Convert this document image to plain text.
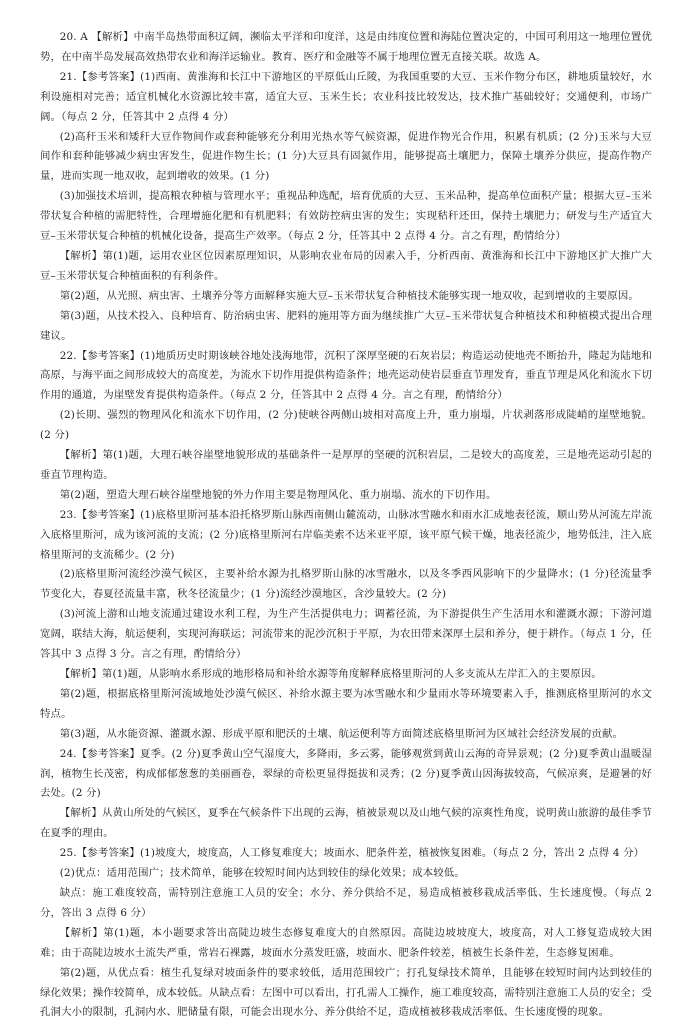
20. A 【解析】中南半岛热带面积辽阔，濒临太平洋和印度洋，这是由纬度位置和海陆位置决定的，中国可利用这一地理位置优势，在中南半岛发展高效热带农业和海洋运输业。教育、医疗和金融等不属于地理位置无直接关联。故选 A。

21.【参考答案】(1)西南、黄淮海和长江中下游地区的平原低山丘陵，为我国重要的大豆、玉米作物分布区，耕地质量较好，水利设施相对完善；适宜机械化水资源比较丰富，适宜大豆、玉米生长；农业科技比较发达，技术推广基础较好；交通便利，市场广阔。（每点 2 分，任答其中 2 点得 4 分）

(2)高秆玉米和矮秆大豆作物间作或套种能够充分利用光热水等气候资源，促进作物光合作用，积累有机质；(2 分)玉米与大豆间作和套种能够减少病虫害发生，促进作物生长；(1 分)大豆具有固氮作用，能够提高土壤肥力，保障土壤养分供应，提高作物产量，进而实现一地双收，起到增收的效果。(1 分)

(3)加强技术培训，提高粮农种植与管理水平；重视品种选配，培育优质的大豆、玉米品种，提高单位面积产量；根据大豆–玉米带状复合种植的需肥特性，合理增施化肥和有机肥料；有效防控病虫害的发生；实现秸秆还田，保持土壤肥力；研发与生产适宜大豆–玉米带状复合种植的机械化设备，提高生产效率。（每点 2 分，任答其中 2 点得 4 分。言之有理，酌情给分）

【解析】第(1)题，运用农业区位因素原理知识，从影响农业布局的因素入手，分析西南、黄淮海和长江中下游地区扩大推广大豆–玉米带状复合种植面积的有利条件。

第(2)题，从光照、病虫害、土壤养分等方面解释实施大豆–玉米带状复合种植技术能够实现一地双收，起到增收的主要原因。

第(3)题，从技术投入、良种培育、防治病虫害、肥料的施用等方面为继续推广大豆–玉米带状复合种植技术和种植模式提出合理建议。

22.【参考答案】(1)地质历史时期该峡谷地处浅海地带，沉积了深厚坚硬的石灰岩层；构造运动使地壳不断抬升，隆起为陆地和高原，与海平面之间形成较大的高度差，为流水下切作用提供构造条件；地壳运动使岩层垂直节理发育，垂直节理是风化和流水下切作用的通道，为崖壁发育提供构造条件。（每点 2 分，任答其中 2 点得 4 分。言之有理，酌情给分）

(2)长期、强烈的物理风化和流水下切作用，(2 分)使峡谷两侧山坡相对高度上升，重力崩塌，片状剥落形成陡峭的崖壁地貌。(2 分)

【解析】第(1)题，大理石峡谷崖壁地貌形成的基础条件一是厚厚的坚硬的沉积岩层，二是较大的高度差，三是地壳运动引起的垂直节理构造。

第(2)题，塑造大理石峡谷崖壁地貌的外力作用主要是物理风化、重力崩塌、流水的下切作用。

23.【参考答案】(1)底格里斯河基本沿托格罗斯山脉西南侧山麓流动，山脉冰雪融水和雨水汇成地表径流，顺山势从河流左岸流入底格里斯河，成为该河流的支流；(2 分)底格里斯河右岸临美索不达米亚平原，该平原气候干燥，地表径流少，地势低洼，注入底格里斯河的支流稀少。(2 分)

(2)底格里斯河流经沙漠气候区，主要补给水源为扎格罗斯山脉的冰雪融水，以及冬季西风影响下的少量降水；(1 分)径流量季节变化大，春夏径流量丰富，秋冬径流量少；(1 分)流经沙漠地区，含沙量较大。(2 分)

(3)河流上游和山地支流通过建设水利工程，为生产生活提供电力；调蓄径流，为下游提供生产生活用水和灌溉水源；下游河道宽阔，联结大海，航运便利，实现河海联运；河流带来的泥沙沉积于平原，为农田带来深厚土层和养分，便于耕作。（每点 1 分，任答其中 3 点得 3 分。言之有理，酌情给分）

【解析】第(1)题，从影响水系形成的地形格局和补给水源等角度解释底格里斯河的人多支流从左岸汇入的主要原因。

第(2)题，根据底格里斯河流域地处沙漠气候区、补给水源主要为冰雪融水和少量雨水等环境要素入手，推测底格里斯河的水文特点。

第(3)题，从水能资源、灌溉水源、形成平原和肥沃的土壤、航运便利等方面简述底格里斯河为区域社会经济发展的贡献。

24.【参考答案】夏季。(2 分)夏季黄山空气湿度大，多降雨，多云雾，能够观赏到黄山云海的奇异景观；(2 分)夏季黄山温暖湿润，植物生长茂密，构成郁郁葱葱的美丽画卷，翠绿的奇松更显得挺拔和灵秀；(2 分)夏季黄山因海拔较高，气候凉爽，是避暑的好去处。(2 分)

【解析】从黄山所处的气候区，夏季在气候条件下出现的云海，植被景观以及山地气候的凉爽性角度，说明黄山旅游的最佳季节在夏季的理由。

25.【参考答案】(1)坡度大，坡度高，人工修复难度大；坡面水、肥条件差，植被恢复困难。（每点 2 分，答出 2 点得 4 分）

(2)优点：适用范围广；技术简单，能够在较短时间内达到较佳的绿化效果；成本较低。

缺点：施工难度较高，需特别注意施工人员的安全；水分、养分供给不足，易造成植被移栽成活率低、生长速度慢。（每点 2 分，答出 3 点得 6 分）

【解析】第(1)题，本小题要求答出高陡边坡生态修复难度大的自然原因。高陡边坡坡度大，坡度高，对人工修复造成较大困难；由于高陡边坡水土流失严重，常岩石裸露，坡面水分蒸发旺盛，坡面水、肥条件较差，植被生长条件差，生态修复困难。

第(2)题，从优点看：植生孔复绿对坡面条件的要求较低，适用范围较广；打孔复绿技术简单，且能够在较短时间内达到较佳的绿化效果；操作较简单，成本较低。从缺点看：左图中可以看出，打孔需人工操作，施工难度较高，需特别注意施工人员的安全；受孔洞大小的限制，孔洞内水、肥储量有限，可能会出现水分、养分供给不足，造成植被移栽成活率低、生长速度慢的现象。
